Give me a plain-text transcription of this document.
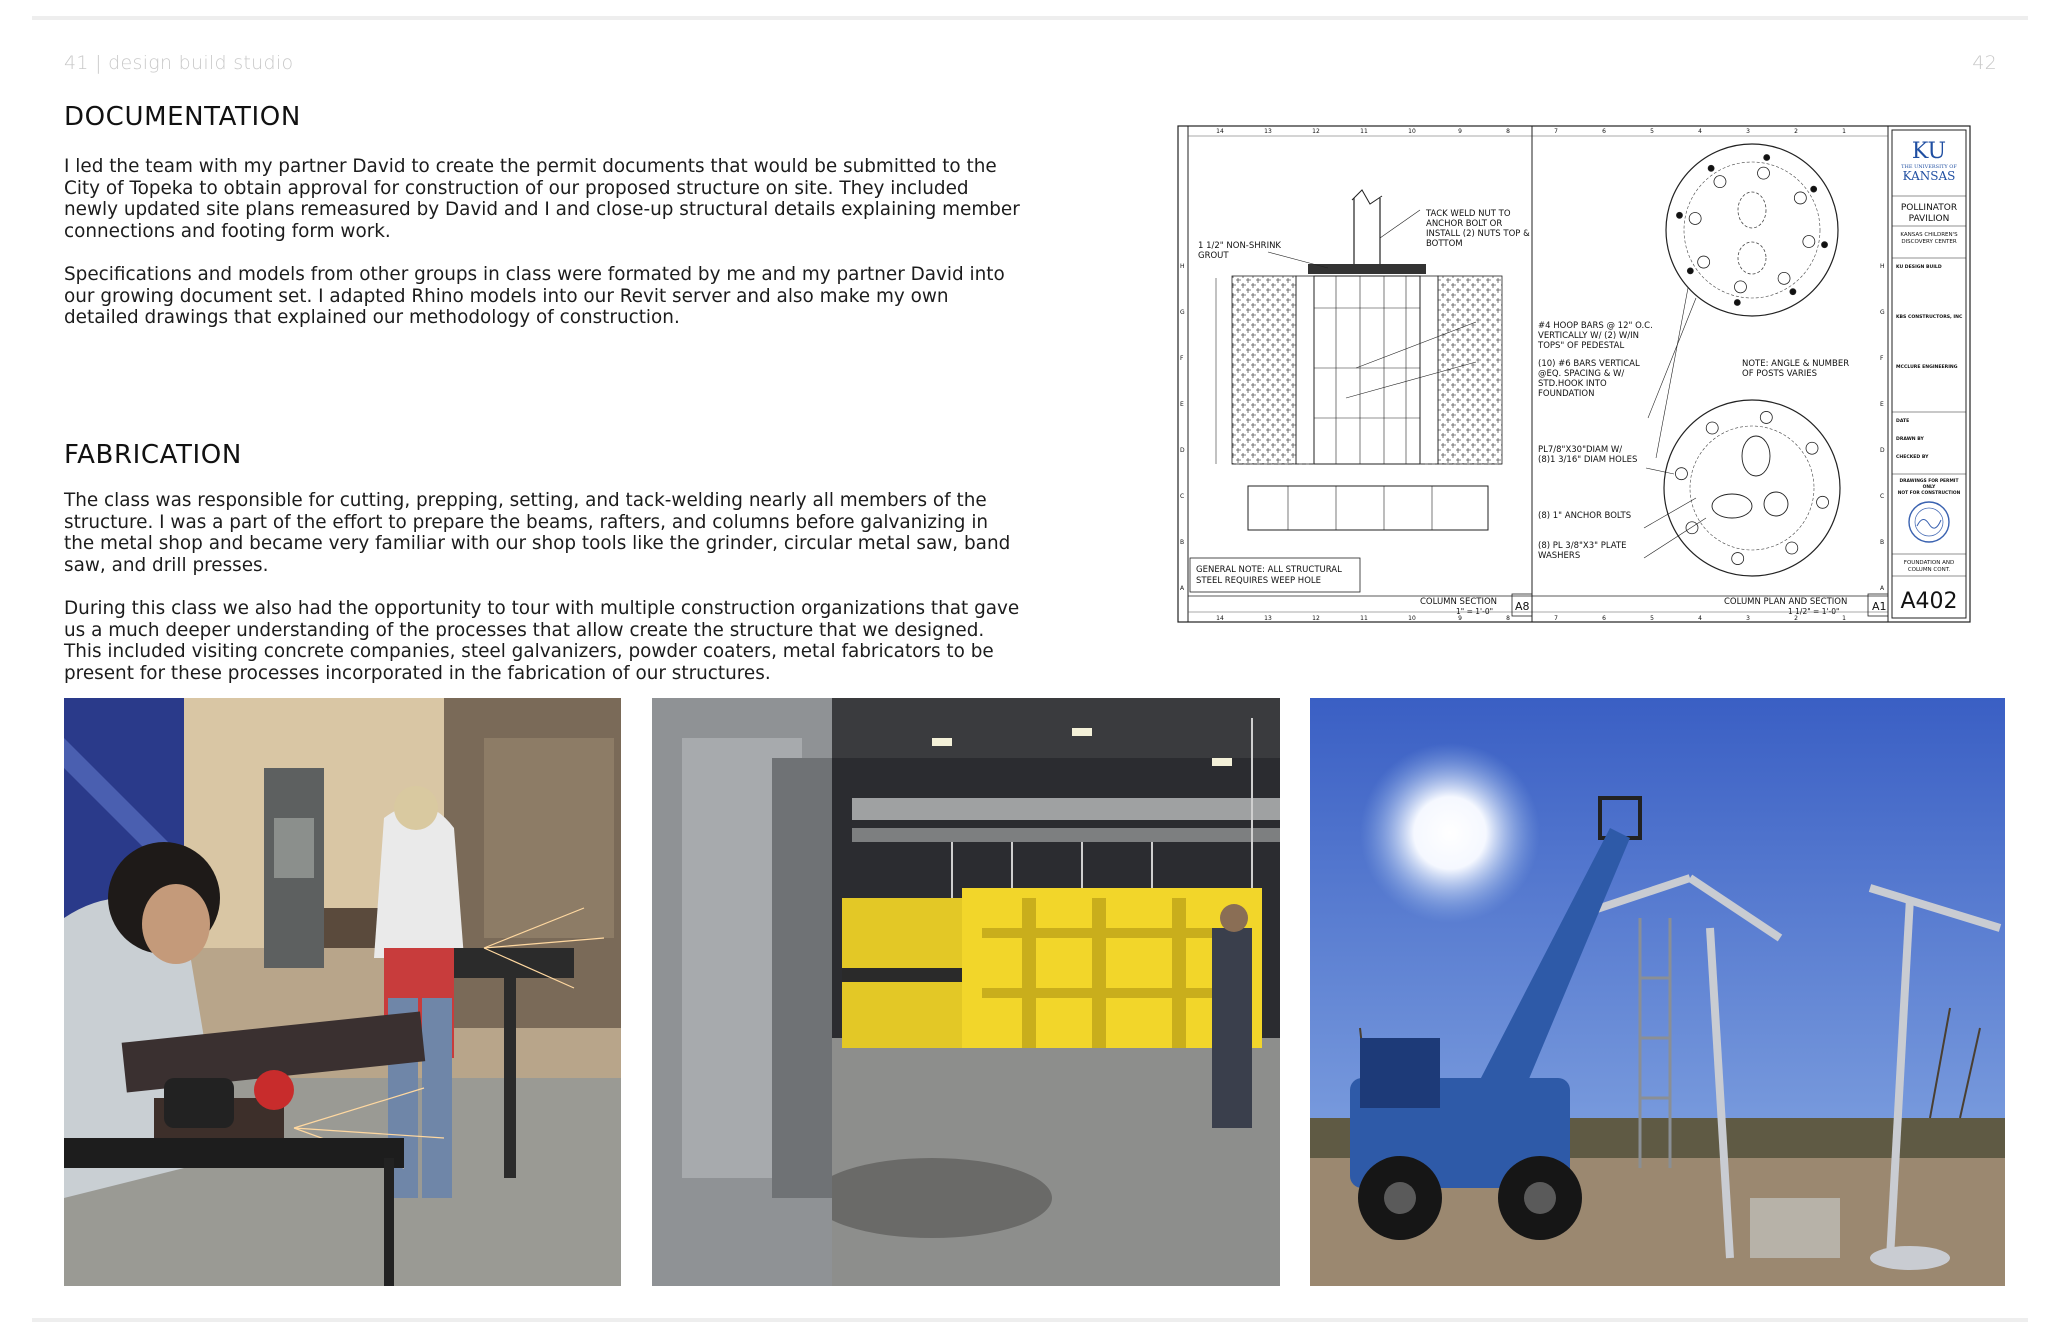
41 | design build studio	42
DOCUMENTATION

I led the team with my partner David to create the permit documents that would be submitted to the City of Topeka to obtain approval for construction of our proposed structure on site. They included newly updated site plans remeasured by David and I and close-up structural details explaining member connections and footing form work.

Specifications and models from other groups in class were formated by me and my partner David into our growing document set. I adapted Rhino models into our Revit server and also make my own detailed drawings that explained our methodology of construction.

FABRICATION

The class was responsible for cutting, prepping, setting, and tack-welding nearly all members of the structure. I was a part of the effort to prepare the beams, rafters, and columns before galvanizing in the metal shop and became very familiar with our shop tools like the grinder, circular metal saw, band saw, and drill presses.

During this class we also had the opportunity to tour with multiple construction organizations that gave us a much deeper understanding of the processes that allow create the structure that we designed. This included visiting concrete companies, steel galvanizers, powder coaters, metal fabricators to be present for these processes incorporated in the fabrication of our structures.

14
14
13
13
12
12
11
11
10
10
9
9
8
8
7
7
6
6
5
5
4
4
3
3
2
2
1
1
H	H
G	G
F	F
E	E
D	D
C	C
B	B
A	A
GENERAL NOTE: ALL STRUCTURAL
STEEL REQUIRES WEEP HOLE
TACK WELD NUT TO
ANCHOR BOLT OR
INSTALL (2) NUTS TOP &
BOTTOM
1 1/2" NON-SHRINK
GROUT
#4 HOOP BARS @ 12" O.C.
VERTICALLY W/ (2) W/IN
TOPS" OF PEDESTAL
(10) #6 BARS VERTICAL
@EQ. SPACING & W/
STD.HOOK INTO
FOUNDATION
NOTE: ANGLE & NUMBER
OF POSTS VARIES
PL7/8"X30"DIAM W/
(8)1 3/16" DIAM HOLES
(8) 1" ANCHOR BOLTS
(8) PL 3/8"X3" PLATE
WASHERS
COLUMN SECTION
1" = 1'-0" A8	COLUMN PLAN AND SECTION
1 1/2" = 1'-0"	A1
KU
THE UNIVERSITY OF
KANSAS
POLLINATOR
PAVILION
KANSAS CHILDREN'S
DISCOVERY CENTER
KU DESIGN BUILD
KBS CONSTRUCTORS, INC
MCCLURE ENGINEERING
DATE
DRAWN BY
CHECKED BY
DRAWINGS FOR PERMIT
ONLY
NOT FOR CONSTRUCTION
FOUNDATION AND
COLUMN CONT.
A402
